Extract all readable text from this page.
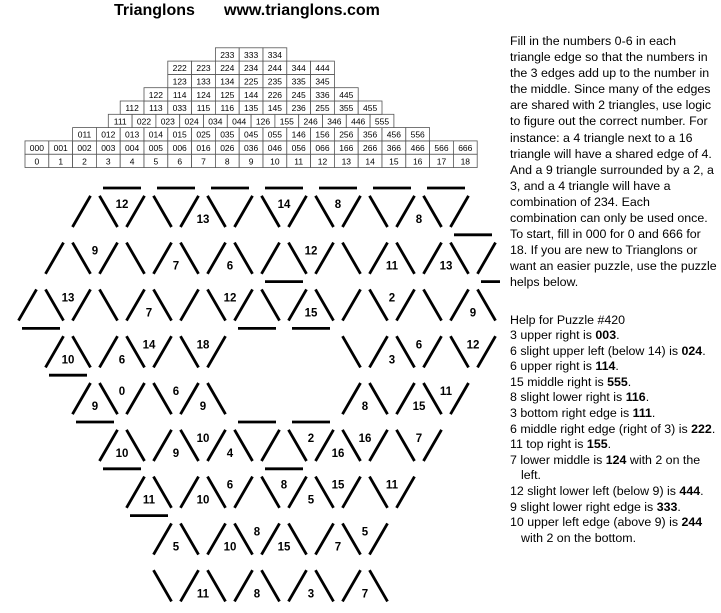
Trianglons www.trianglons.com
0 1 2 3 4 5 6 7 8 9 10 11 12 13 14 15 16 17 18
000 001 002 003 004 005 006 016 026 036 046 056 066 166 266 366 466 566 666
011 012 013 014 015 025 035 045 055 146 156 256 356 456 556
111 022 023 024 034 044 126 155 246 346 446 555
112 113 033 115 116 135 145 236 255 355 455
122 114 124 125 144 226 245 336 445
123 133 134 225 235 335 345
222 223 224 234 244 344 444
233 333 334
12
13
14	8
8
9
7	6
12
11	13
13
7
12
15
2
9
10	6
14	18
3
6	12
9
0	6
9	8	15
11
10	9
10
4
2
16
16	7
11	10
6	8
5
15	11
5	10
8
15	7
5
11	8	3	7

Fill in the numbers 0-6 in each triangle edge so that the numbers in the 3 edges add up to the number in the middle. Since many of the edges are shared with 2 triangles, use logic to figure out the correct number. For instance: a 4 triangle next to a 16 triangle will have a shared edge of 4. And a 9 triangle surrounded by a 2, a 3, and a 4 triangle will have a combination of 234. Each combination can only be used once. To start, fill in 000 for 0 and 666 for 18. If you are new to Trianglons or want an easier puzzle, use the puzzle helps below.

Help for Puzzle #420

3 upper right is 003.
6 slight upper left (below 14) is 024.
6 upper right is 114.
15 middle right is 555.
8 slight lower right is 116.
3 bottom right edge is 111.
6 middle right edge (right of 3) is 222.
11 top right is 155.
7 lower middle is 124 with 2 on the left.
12 slight lower left (below 9) is 444.
9 slight lower right edge is 333.
10 upper left edge (above 9) is 244 with 2 on the bottom.
